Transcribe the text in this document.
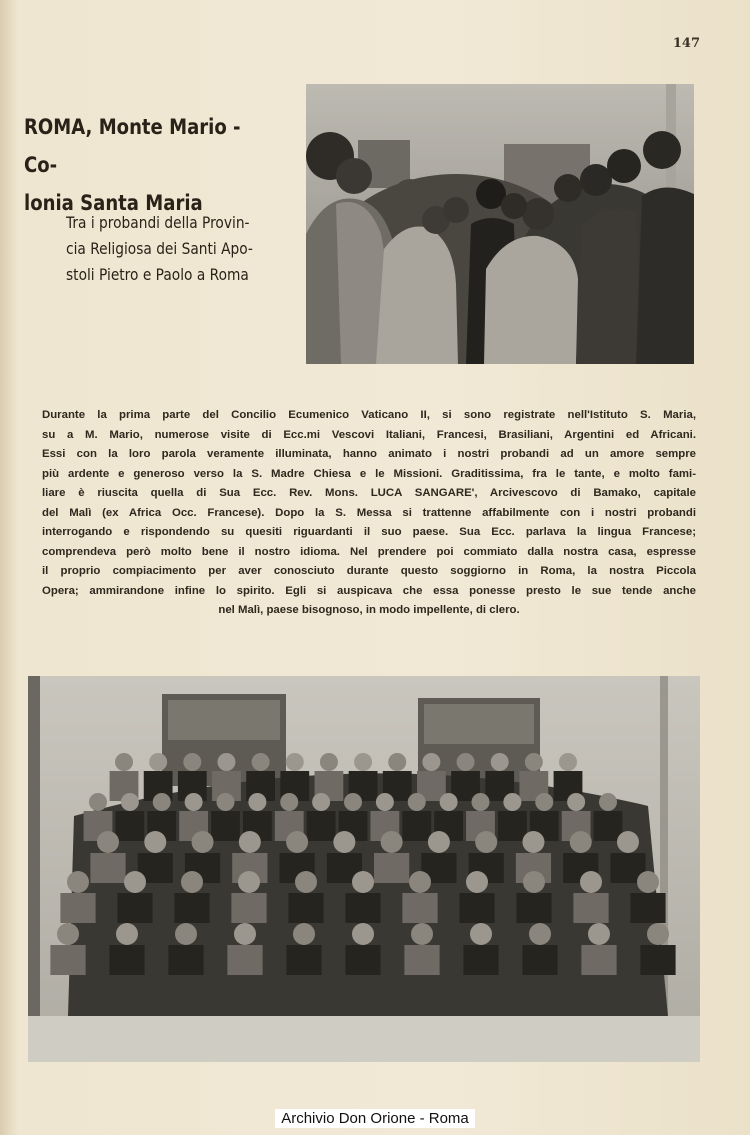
147
ROMA, Monte Mario - Co-
lonia Santa Maria
Tra i probandi della Provin-
cia Religiosa dei Santi Apo-
stoli Pietro e Paolo a Roma
Durante la prima parte del Concilio Ecumenico Vaticano II, si sono registrate nell'Istituto S. Maria,
su a M. Mario, numerose visite di Ecc.mi Vescovi Italiani, Francesi, Brasiliani, Argentini ed Africani.
Essi con la loro parola veramente illuminata, hanno animato i nostri probandi ad un amore sempre
più ardente e generoso verso la S. Madre Chiesa e le Missioni. Graditissima, fra le tante, e molto fami-
liare è riuscita quella di Sua Ecc. Rev. Mons. LUCA SANGARE', Arcivescovo di Bamako, capitale
del Malì (ex Africa Occ. Francese). Dopo la S. Messa si trattenne affabilmente con i nostri probandi
interrogando e rispondendo su quesiti riguardanti il suo paese. Sua Ecc. parlava la lingua Francese;
comprendeva però molto bene il nostro idioma. Nel prendere poi commiato dalla nostra casa, espresse
il proprio compiacimento per aver conosciuto durante questo soggiorno in Roma, la nostra Piccola
Opera; ammirandone infine lo spirito. Egli si auspicava che essa ponesse presto le sue tende anche
nel Malì, paese bisognoso, in modo impellente, di clero.
Archivio Don Orione - Roma
